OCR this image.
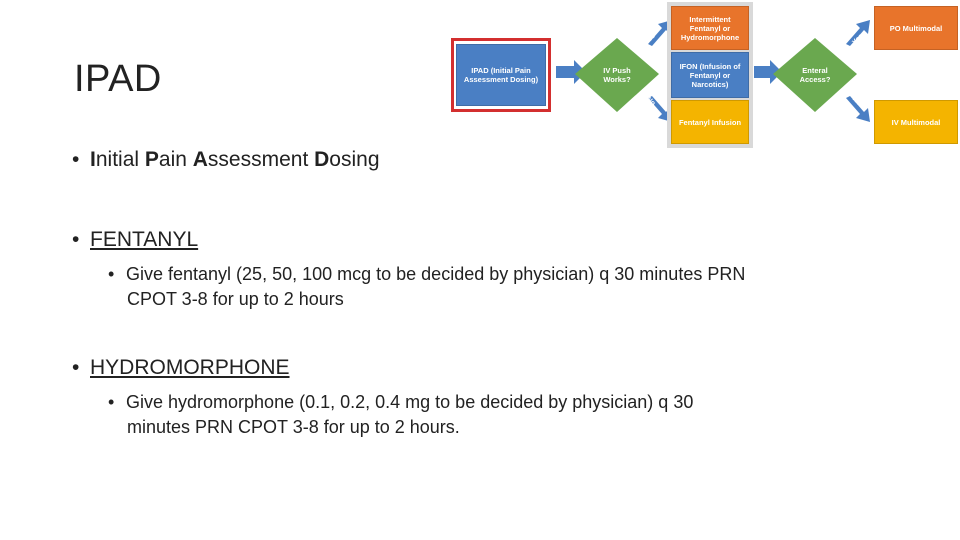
IPAD	IPAD (Initial Pain Assessment Dosing)
IV Push Works?
Enteral Access?
Intermittent Fentanyl or Hydromorphone
IFON (Infusion of Fentanyl or Narcotics)
Fentanyl Infusion
PO Multimodal
IV Multimodal
Yes
No
Yes
No
• Initial Pain Assessment Dosing
• FENTANYL
• Give fentanyl (25, 50, 100 mcg to be decided by physician) q 30 minutes PRN
CPOT 3-8 for up to 2 hours
• HYDROMORPHONE
• Give hydromorphone (0.1, 0.2, 0.4 mg to be decided by physician) q 30
minutes PRN CPOT 3-8 for up to 2 hours.
